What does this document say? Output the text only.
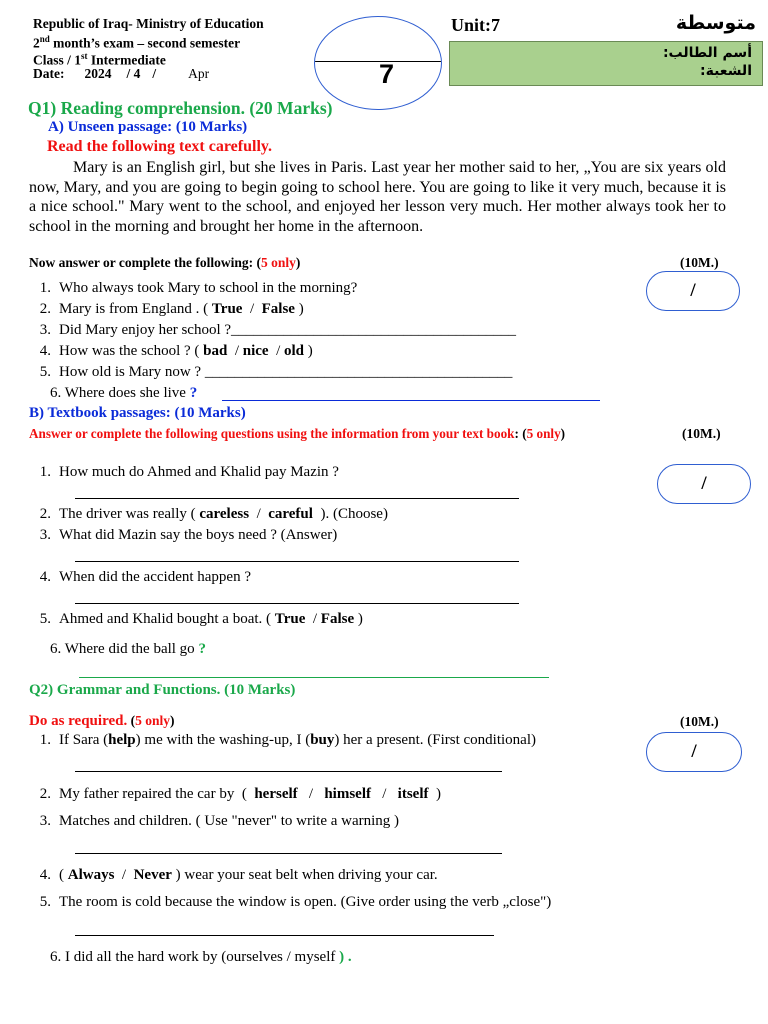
Republic of Iraq- Ministry of Education
2nd month’s exam – second semester
Class / 1st Intermediate
Date: 2024 / 4 / Apr	7
Unit:7	متوسطة
أسم الطالب:
الشعبة:
Q1) Reading comprehension. (20 Marks)
A) Unseen passage: (10 Marks)
Read the following text carefully.
Mary is an English girl, but she lives in Paris. Last year her mother said to her, „You are six years old now, Mary, and you are going to begin going to school here. You are going to like it very much, because it is a nice school." Mary went to the school, and enjoyed her lesson very much. Her mother always took her to school in the morning and brought her home in the afternoon.
Now answer or complete the following: (5 only)	(10M.)
/
1. Who always took Mary to school in the morning?
2. Mary is from England . ( True  /  False )
3. Did Mary enjoy her school ?______________________________________
4. How was the school ? ( bad  / nice  / old )
5. How old is Mary now ? _________________________________________
6. Where does she live ?
B) Textbook passages: (10 Marks)
Answer or complete the following questions using the information from your text book: (5 only)	(10M.)
/
1. How much do Ahmed and Khalid pay Mazin ?
2. The driver was really ( careless  /  careful  ). (Choose)
3. What did Mazin say the boys need ? (Answer)
4. When did the accident happen ?
5. Ahmed and Khalid bought a boat. ( True  / False )
6. Where did the ball go ?
Q2) Grammar and Functions. (10 Marks)
Do as required. (5 only)	(10M.)
/
1. If Sara (help) me with the washing-up, I (buy) her a present. (First conditional)
2. My father repaired the car by  (  herself   /   himself   /   itself  )
3. Matches and children. ( Use "never" to write a warning )
4. ( Always  /  Never ) wear your seat belt when driving your car.
5. The room is cold because the window is open. (Give order using the verb „close")
6. I did all the hard work by (ourselves / myself ) .
